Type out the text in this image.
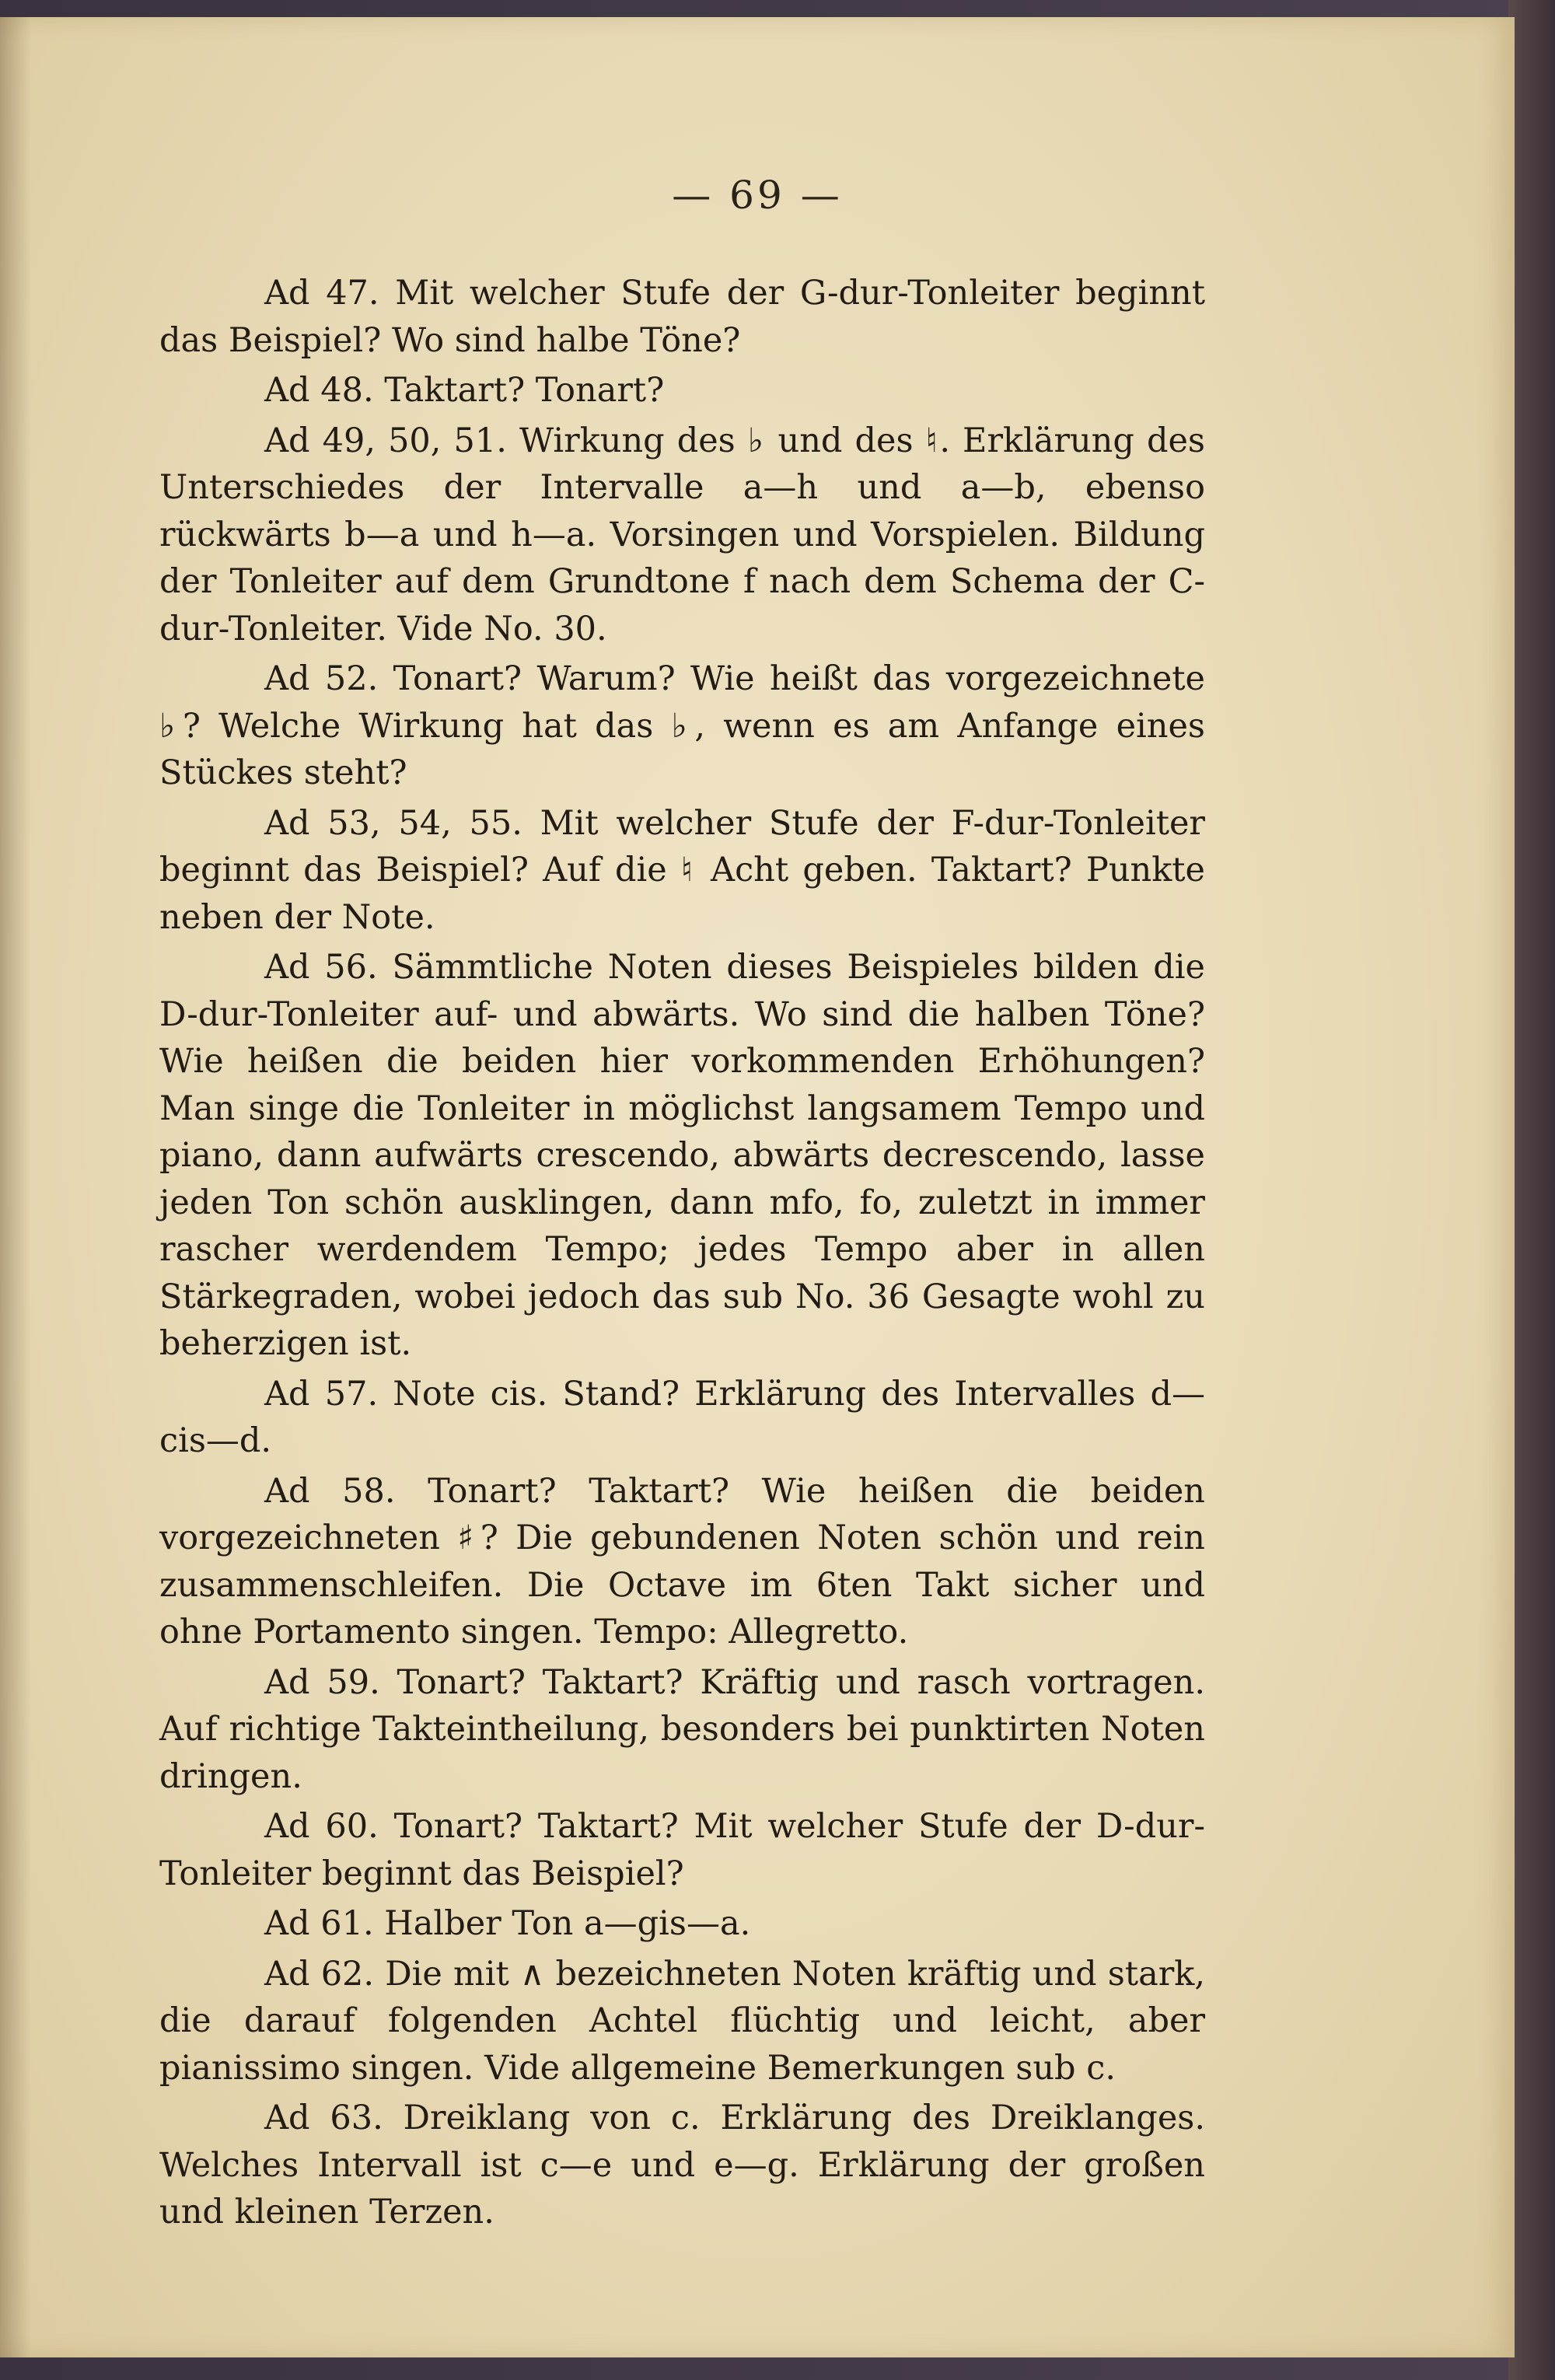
— 69 —

Ad 47. Mit welcher Stufe der G-dur-Tonleiter beginnt das Beispiel? Wo sind halbe Töne?

Ad 48. Taktart? Tonart?

Ad 49, 50, 51. Wirkung des ♭ und des ♮. Erklärung des Unterschiedes der Intervalle a—h und a—b, ebenso rückwärts b—a und h—a. Vorsingen und Vorspielen. Bildung der Tonleiter auf dem Grundtone f nach dem Schema der C-dur-Tonleiter. Vide No. 30.

Ad 52. Tonart? Warum? Wie heißt das vorgezeichnete ♭? Welche Wirkung hat das ♭, wenn es am Anfange eines Stückes steht?

Ad 53, 54, 55. Mit welcher Stufe der F-dur-Tonleiter beginnt das Beispiel? Auf die ♮ Acht geben. Taktart? Punkte neben der Note.

Ad 56. Sämmtliche Noten dieses Beispieles bilden die D-dur-Tonleiter auf- und abwärts. Wo sind die halben Töne? Wie heißen die beiden hier vorkommenden Erhöhungen? Man singe die Tonleiter in möglichst langsamem Tempo und piano, dann aufwärts crescendo, abwärts decrescendo, lasse jeden Ton schön ausklingen, dann mfo, fo, zuletzt in immer rascher werdendem Tempo; jedes Tempo aber in allen Stärkegraden, wobei jedoch das sub No. 36 Gesagte wohl zu beherzigen ist.

Ad 57. Note cis. Stand? Erklärung des Intervalles d—cis—d.

Ad 58. Tonart? Taktart? Wie heißen die beiden vorgezeichneten ♯? Die gebundenen Noten schön und rein zusammenschleifen. Die Octave im 6ten Takt sicher und ohne Portamento singen. Tempo: Allegretto.

Ad 59. Tonart? Taktart? Kräftig und rasch vortragen. Auf richtige Takteintheilung, besonders bei punktirten Noten dringen.

Ad 60. Tonart? Taktart? Mit welcher Stufe der D-dur-Tonleiter beginnt das Beispiel?

Ad 61. Halber Ton a—gis—a.

Ad 62. Die mit ∧ bezeichneten Noten kräftig und stark, die darauf folgenden Achtel flüchtig und leicht, aber pianissimo singen. Vide allgemeine Bemerkungen sub c.

Ad 63. Dreiklang von c. Erklärung des Dreiklanges. Welches Intervall ist c—e und e—g. Erklärung der großen und kleinen Terzen.
